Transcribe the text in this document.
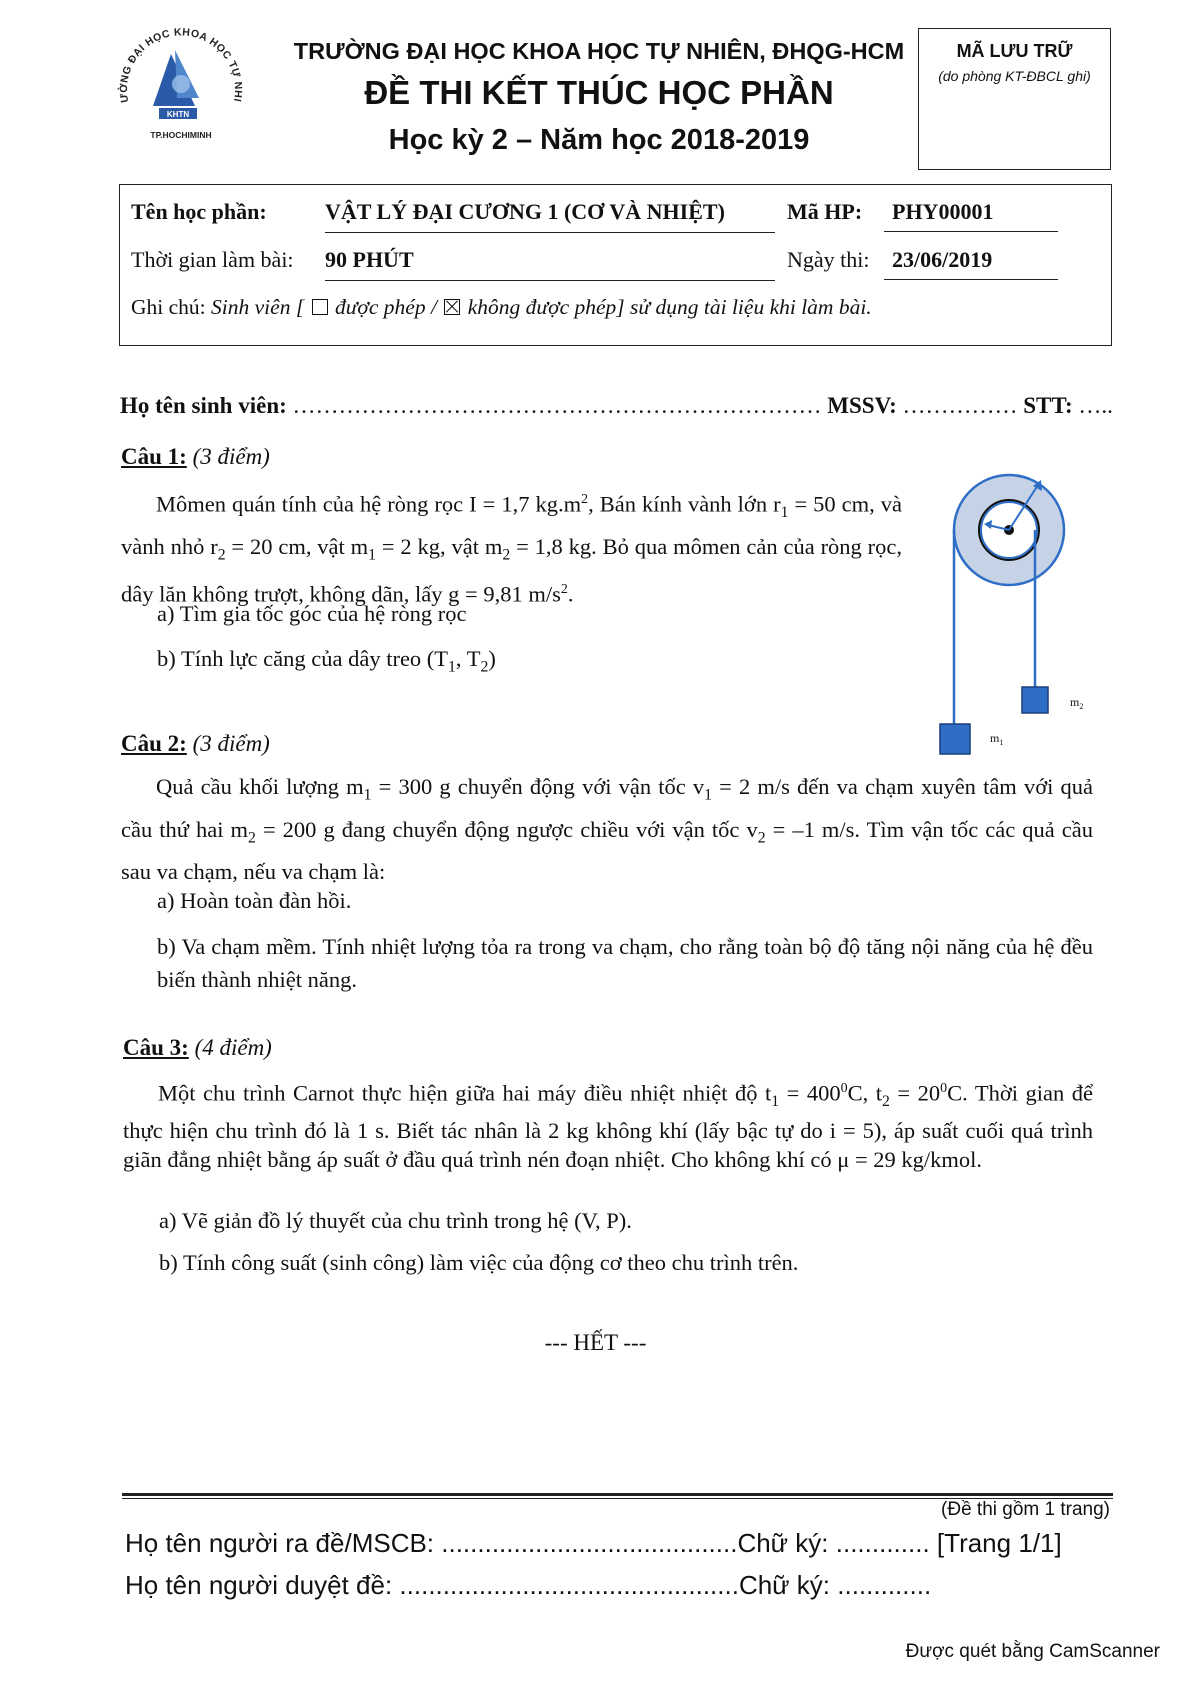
ƯỜNG ĐẠI HỌC KHOA HỌC TỰ NHI
KHTN
TP.HOCHIMINH
TRƯỜNG ĐẠI HỌC KHOA HỌC TỰ NHIÊN, ĐHQG-HCM
ĐỀ THI KẾT THÚC HỌC PHẦN
Học kỳ 2 – Năm học 2018-2019
MÃ LƯU TRỮ
(do phòng KT-ĐBCL ghi)
Tên học phần:	VẬT LÝ ĐẠI CƯƠNG 1 (CƠ VÀ NHIỆT)	Mã HP:	PHY00001
Thời gian làm bài: 90 PHÚT	Ngày thi:	23/06/2019
Ghi chú: Sinh viên [ được phép / không được phép] sử dụng tài liệu khi làm bài.
Họ tên sinh viên: …………………………………………………………… MSSV: …………… STT: …..
Câu 1: (3 điểm)
Mômen quán tính của hệ ròng rọc I = 1,7 $kg.m^2$, Bán kính vành lớn $r_1 = 50$ cm, và vành nhỏ $r_2 = 20$ cm, vật $m_1 = 2$ kg, vật $m_2 = 1,8$ kg. Bỏ qua mômen cản của ròng rọc, dây lăn không trượt, không dãn, lấy g = 9,81 $m/s^2$.
a) Tìm gia tốc góc của hệ ròng rọc
b) Tính lực căng của dây treo ($T_1$, $T_2$)
$m_1$
$m_2$
Câu 2: (3 điểm)
Quả cầu khối lượng $m_1 = 300$ g chuyển động với vận tốc $v_1 = 2$ m/s đến va chạm xuyên tâm với quả cầu thứ hai $m_2 = 200$ g đang chuyển động ngược chiều với vận tốc $v_2 = -1$ m/s. Tìm vận tốc các quả cầu sau va chạm, nếu va chạm là:
a) Hoàn toàn đàn hồi.
b) Va chạm mềm. Tính nhiệt lượng tỏa ra trong va chạm, cho rằng toàn bộ độ tăng nội năng của hệ đều biến thành nhiệt năng.
Câu 3: (4 điểm)
Một chu trình Carnot thực hiện giữa hai máy điều nhiệt nhiệt độ $t_1 = 400^0C$, $t_2 = 20^0C$. Thời gian để thực hiện chu trình đó là 1 s. Biết tác nhân là 2 kg không khí (lấy bậc tự do i = 5), áp suất cuối quá trình giãn đẳng nhiệt bằng áp suất ở đầu quá trình nén đoạn nhiệt. Cho không khí có μ = 29 kg/kmol.
a) Vẽ giản đồ lý thuyết của chu trình trong hệ (V, P).
b) Tính công suất (sinh công) làm việc của động cơ theo chu trình trên.
--- HẾT ---
(Đề thi gồm 1 trang)
Họ tên người ra đề/MSCB: .........................................Chữ ký: ............. [Trang 1/1]
Họ tên người duyệt đề: ...............................................Chữ ký: .............
Được quét bằng CamScanner
